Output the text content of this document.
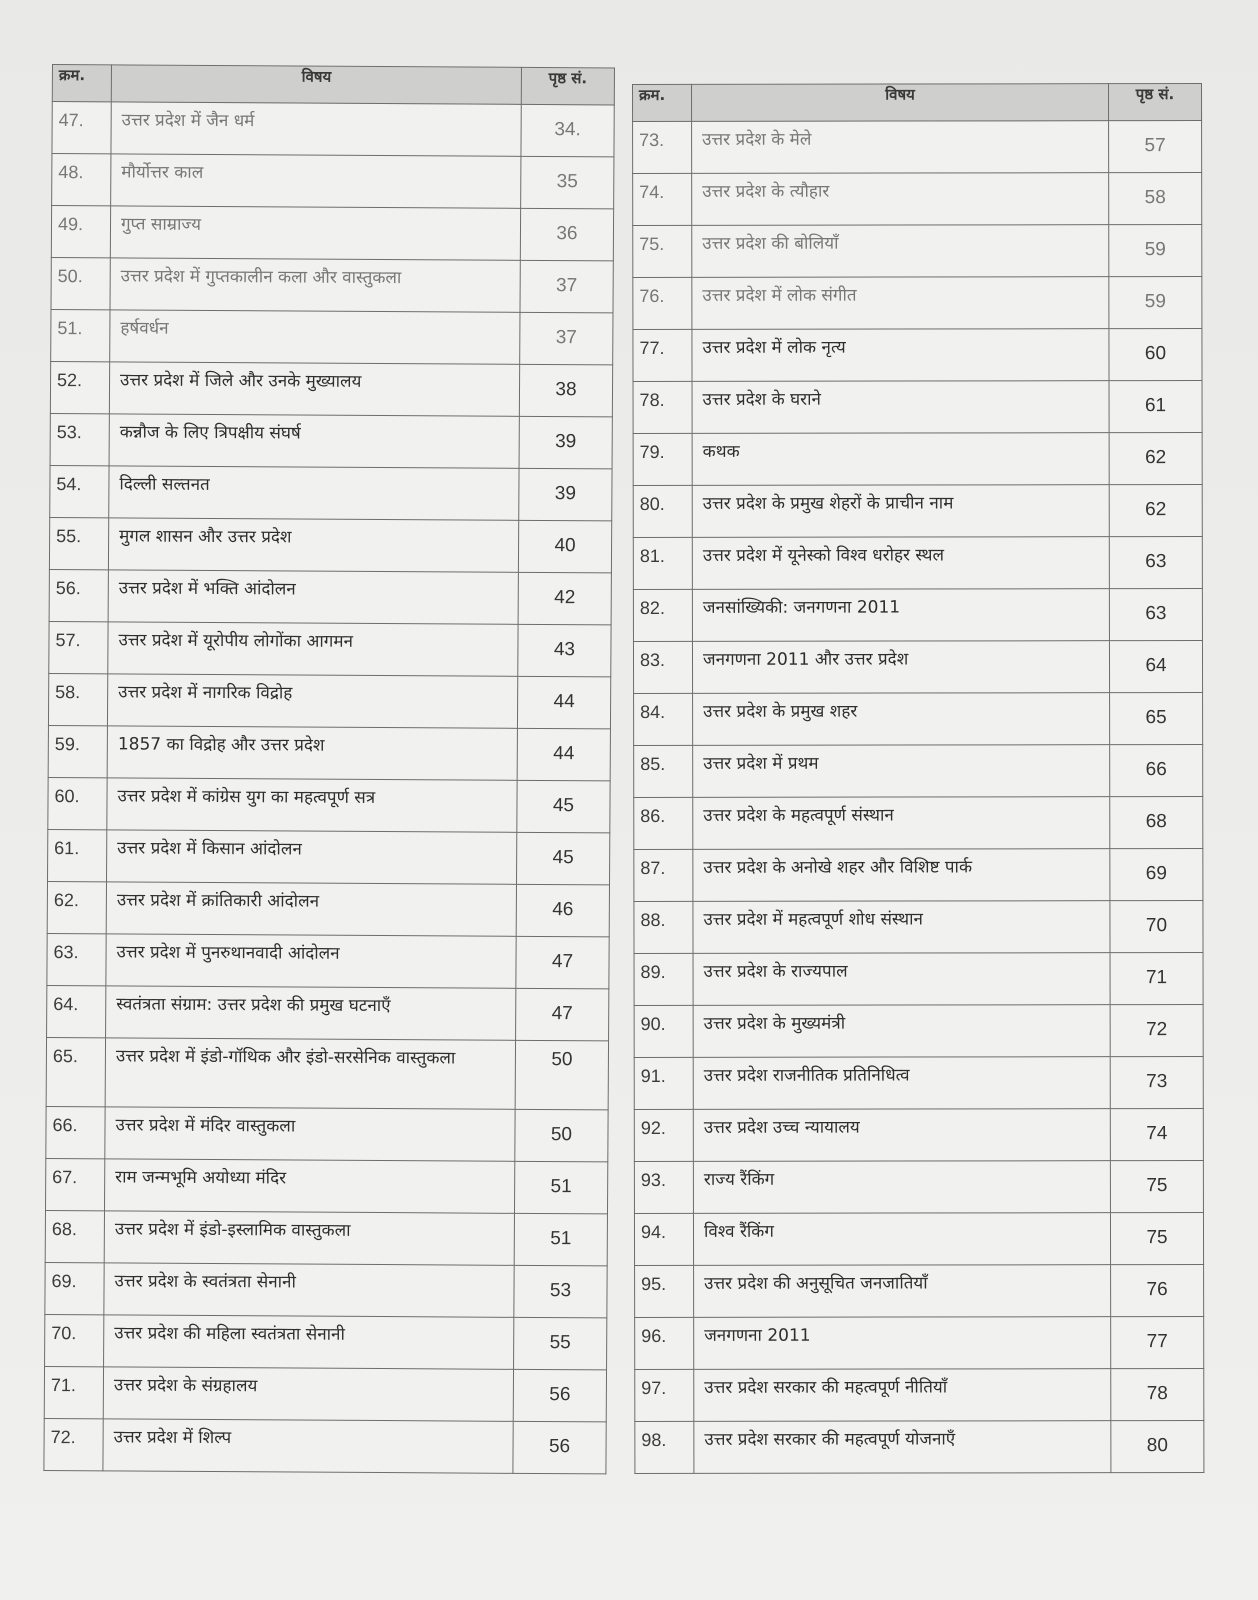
क्रम.	विषय	पृष्ठ सं.
47.	उत्तर प्रदेश में जैन धर्म	34.
48.	मौर्योत्तर काल	35
49.	गुप्त साम्राज्य	36
50.	उत्तर प्रदेश में गुप्तकालीन कला और वास्तुकला	37
51.	हर्षवर्धन	37
52.	उत्तर प्रदेश में जिले और उनके मुख्यालय	38
53.	कन्नौज के लिए त्रिपक्षीय संघर्ष	39
54.	दिल्ली सल्तनत	39
55.	मुगल शासन और उत्तर प्रदेश	40
56.	उत्तर प्रदेश में भक्ति आंदोलन	42
57.	उत्तर प्रदेश में यूरोपीय लोगोंका आगमन	43
58.	उत्तर प्रदेश में नागरिक विद्रोह	44
59.	1857 का विद्रोह और उत्तर प्रदेश	44
60.	उत्तर प्रदेश में कांग्रेस युग का महत्वपूर्ण सत्र	45
61.	उत्तर प्रदेश में किसान आंदोलन	45
62.	उत्तर प्रदेश में क्रांतिकारी आंदोलन	46
63.	उत्तर प्रदेश में पुनरुथानवादी आंदोलन	47
64.	स्वतंत्रता संग्राम: उत्तर प्रदेश की प्रमुख घटनाएँ	47
65.	उत्तर प्रदेश में इंडो-गॉथिक और इंडो-सरसेनिक वास्तुकला	50
66.	उत्तर प्रदेश में मंदिर वास्तुकला	50
67.	राम जन्मभूमि अयोध्या मंदिर	51
68.	उत्तर प्रदेश में इंडो-इस्लामिक वास्तुकला	51
69.	उत्तर प्रदेश के स्वतंत्रता सेनानी	53
70.	उत्तर प्रदेश की महिला स्वतंत्रता सेनानी	55
71.	उत्तर प्रदेश के संग्रहालय	56
72.	उत्तर प्रदेश में शिल्प	56
क्रम.	विषय	पृष्ठ सं.
73.	उत्तर प्रदेश के मेले	57
74.	उत्तर प्रदेश के त्यौहार	58
75.	उत्तर प्रदेश की बोलियाँ	59
76.	उत्तर प्रदेश में लोक संगीत	59
77.	उत्तर प्रदेश में लोक नृत्य	60
78.	उत्तर प्रदेश के घराने	61
79.	कथक	62
80.	उत्तर प्रदेश के प्रमुख शेहरों के प्राचीन नाम	62
81.	उत्तर प्रदेश में यूनेस्को विश्व धरोहर स्थल	63
82.	जनसांख्यिकी: जनगणना 2011	63
83.	जनगणना 2011 और उत्तर प्रदेश	64
84.	उत्तर प्रदेश के प्रमुख शहर	65
85.	उत्तर प्रदेश में प्रथम	66
86.	उत्तर प्रदेश के महत्वपूर्ण संस्थान	68
87.	उत्तर प्रदेश के अनोखे शहर और विशिष्ट पार्क	69
88.	उत्तर प्रदेश में महत्वपूर्ण शोध संस्थान	70
89.	उत्तर प्रदेश के राज्यपाल	71
90.	उत्तर प्रदेश के मुख्यमंत्री	72
91.	उत्तर प्रदेश राजनीतिक प्रतिनिधित्व	73
92.	उत्तर प्रदेश उच्च न्यायालय	74
93.	राज्य रैंकिंग	75
94.	विश्व रैंकिंग	75
95.	उत्तर प्रदेश की अनुसूचित जनजातियाँ	76
96.	जनगणना 2011	77
97.	उत्तर प्रदेश सरकार की महत्वपूर्ण नीतियाँ	78
98.	उत्तर प्रदेश सरकार की महत्वपूर्ण योजनाएँ	80
